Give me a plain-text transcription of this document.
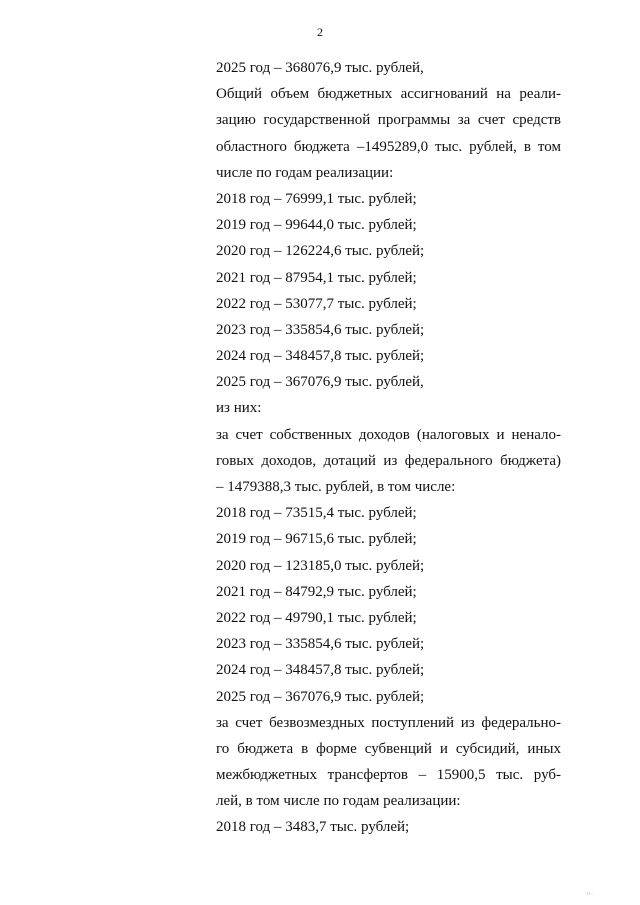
2
2025 год – 368076,9 тыс. рублей,
Общий объем бюджетных ассигнований на реали-
зацию государственной программы за счет средств
областного бюджета –1495289,0 тыс. рублей, в том
числе по годам реализации:
2018 год – 76999,1 тыс. рублей;
2019 год – 99644,0 тыс. рублей;
2020 год – 126224,6 тыс. рублей;
2021 год – 87954,1 тыс. рублей;
2022 год – 53077,7 тыс. рублей;
2023 год – 335854,6 тыс. рублей;
2024 год – 348457,8 тыс. рублей;
2025 год – 367076,9 тыс. рублей,
из них:
за счет собственных доходов (налоговых и ненало-
говых доходов, дотаций из федерального бюджета)
– 1479388,3 тыс. рублей, в том числе:
2018 год – 73515,4 тыс. рублей;
2019 год – 96715,6 тыс. рублей;
2020 год – 123185,0 тыс. рублей;
2021 год – 84792,9 тыс. рублей;
2022 год – 49790,1 тыс. рублей;
2023 год – 335854,6 тыс. рублей;
2024 год – 348457,8 тыс. рублей;
2025 год – 367076,9 тыс. рублей;
за счет безвозмездных поступлений из федерально-
го бюджета в форме субвенций и субсидий, иных
межбюджетных трансфертов – 15900,5 тыс. руб-
лей, в том числе по годам реализации:
2018 год – 3483,7 тыс. рублей;
ᶦᶦ·
